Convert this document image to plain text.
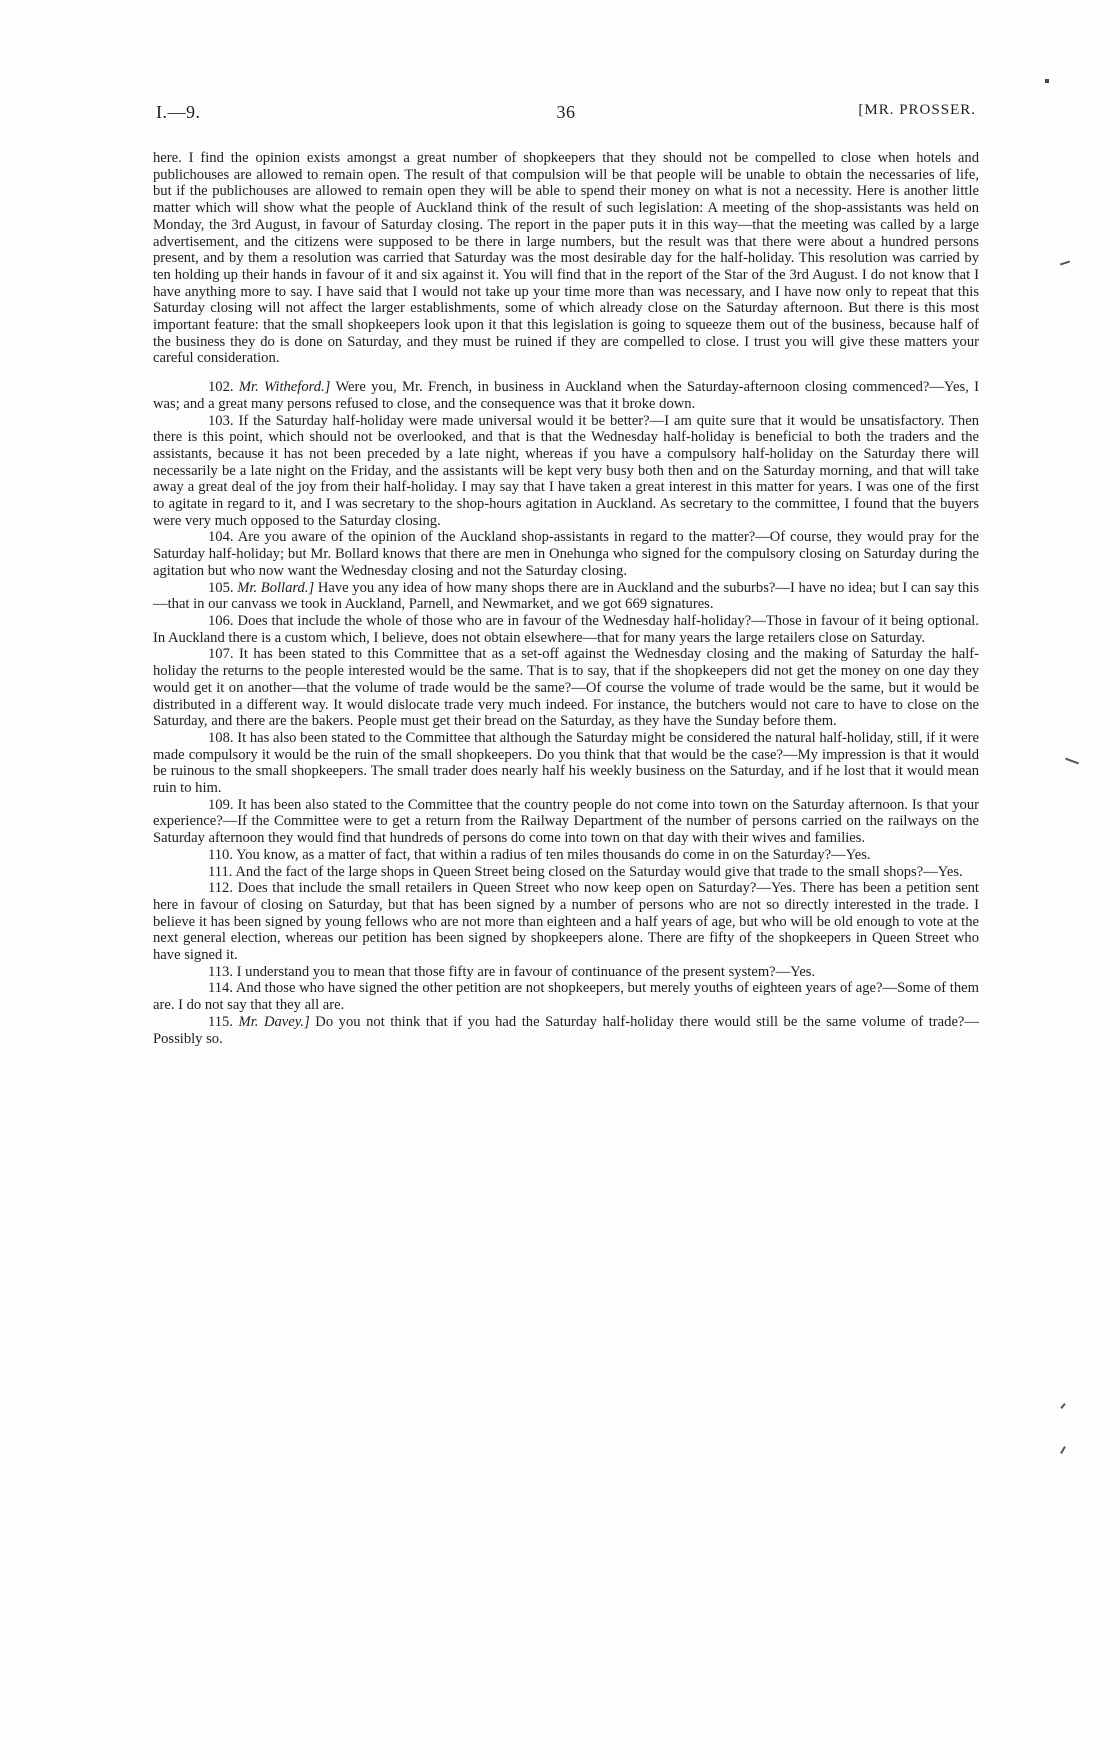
I.—9.	36	[MR. PROSSER.

here. I find the opinion exists amongst a great number of shopkeepers that they should not be compelled to close when hotels and publichouses are allowed to remain open. The result of that compulsion will be that people will be unable to obtain the necessaries of life, but if the publichouses are allowed to remain open they will be able to spend their money on what is not a necessity. Here is another little matter which will show what the people of Auckland think of the result of such legislation: A meeting of the shop-assistants was held on Monday, the 3rd August, in favour of Saturday closing. The report in the paper puts it in this way—that the meeting was called by a large advertisement, and the citizens were supposed to be there in large numbers, but the result was that there were about a hundred persons present, and by them a resolution was carried that Saturday was the most desirable day for the half-holiday. This resolution was carried by ten holding up their hands in favour of it and six against it. You will find that in the report of the Star of the 3rd August. I do not know that I have anything more to say. I have said that I would not take up your time more than was necessary, and I have now only to repeat that this Saturday closing will not affect the larger establishments, some of which already close on the Saturday afternoon. But there is this most important feature: that the small shopkeepers look upon it that this legislation is going to squeeze them out of the business, because half of the business they do is done on Saturday, and they must be ruined if they are compelled to close. I trust you will give these matters your careful consideration.

102. Mr. Witheford.] Were you, Mr. French, in business in Auckland when the Saturday-afternoon closing commenced?—Yes, I was; and a great many persons refused to close, and the consequence was that it broke down.

103. If the Saturday half-holiday were made universal would it be better?—I am quite sure that it would be unsatisfactory. Then there is this point, which should not be overlooked, and that is that the Wednesday half-holiday is beneficial to both the traders and the assistants, because it has not been preceded by a late night, whereas if you have a compulsory half-holiday on the Saturday there will necessarily be a late night on the Friday, and the assistants will be kept very busy both then and on the Saturday morning, and that will take away a great deal of the joy from their half-holiday. I may say that I have taken a great interest in this matter for years. I was one of the first to agitate in regard to it, and I was secretary to the shop-hours agitation in Auckland. As secretary to the committee, I found that the buyers were very much opposed to the Saturday closing.

104. Are you aware of the opinion of the Auckland shop-assistants in regard to the matter?—Of course, they would pray for the Saturday half-holiday; but Mr. Bollard knows that there are men in Onehunga who signed for the compulsory closing on Saturday during the agitation but who now want the Wednesday closing and not the Saturday closing.

105. Mr. Bollard.] Have you any idea of how many shops there are in Auckland and the suburbs?—I have no idea; but I can say this—that in our canvass we took in Auckland, Parnell, and Newmarket, and we got 669 signatures.

106. Does that include the whole of those who are in favour of the Wednesday half-holiday?—Those in favour of it being optional. In Auckland there is a custom which, I believe, does not obtain elsewhere—that for many years the large retailers close on Saturday.

107. It has been stated to this Committee that as a set-off against the Wednesday closing and the making of Saturday the half-holiday the returns to the people interested would be the same. That is to say, that if the shopkeepers did not get the money on one day they would get it on another—that the volume of trade would be the same?—Of course the volume of trade would be the same, but it would be distributed in a different way. It would dislocate trade very much indeed. For instance, the butchers would not care to have to close on the Saturday, and there are the bakers. People must get their bread on the Saturday, as they have the Sunday before them.

108. It has also been stated to the Committee that although the Saturday might be considered the natural half-holiday, still, if it were made compulsory it would be the ruin of the small shopkeepers. Do you think that that would be the case?—My impression is that it would be ruinous to the small shopkeepers. The small trader does nearly half his weekly business on the Saturday, and if he lost that it would mean ruin to him.

109. It has been also stated to the Committee that the country people do not come into town on the Saturday afternoon. Is that your experience?—If the Committee were to get a return from the Railway Department of the number of persons carried on the railways on the Saturday afternoon they would find that hundreds of persons do come into town on that day with their wives and families.

110. You know, as a matter of fact, that within a radius of ten miles thousands do come in on the Saturday?—Yes.

111. And the fact of the large shops in Queen Street being closed on the Saturday would give that trade to the small shops?—Yes.

112. Does that include the small retailers in Queen Street who now keep open on Saturday?—Yes. There has been a petition sent here in favour of closing on Saturday, but that has been signed by a number of persons who are not so directly interested in the trade. I believe it has been signed by young fellows who are not more than eighteen and a half years of age, but who will be old enough to vote at the next general election, whereas our petition has been signed by shopkeepers alone. There are fifty of the shopkeepers in Queen Street who have signed it.

113. I understand you to mean that those fifty are in favour of continuance of the present system?—Yes.

114. And those who have signed the other petition are not shopkeepers, but merely youths of eighteen years of age?—Some of them are. I do not say that they all are.

115. Mr. Davey.] Do you not think that if you had the Saturday half-holiday there would still be the same volume of trade?—Possibly so.
